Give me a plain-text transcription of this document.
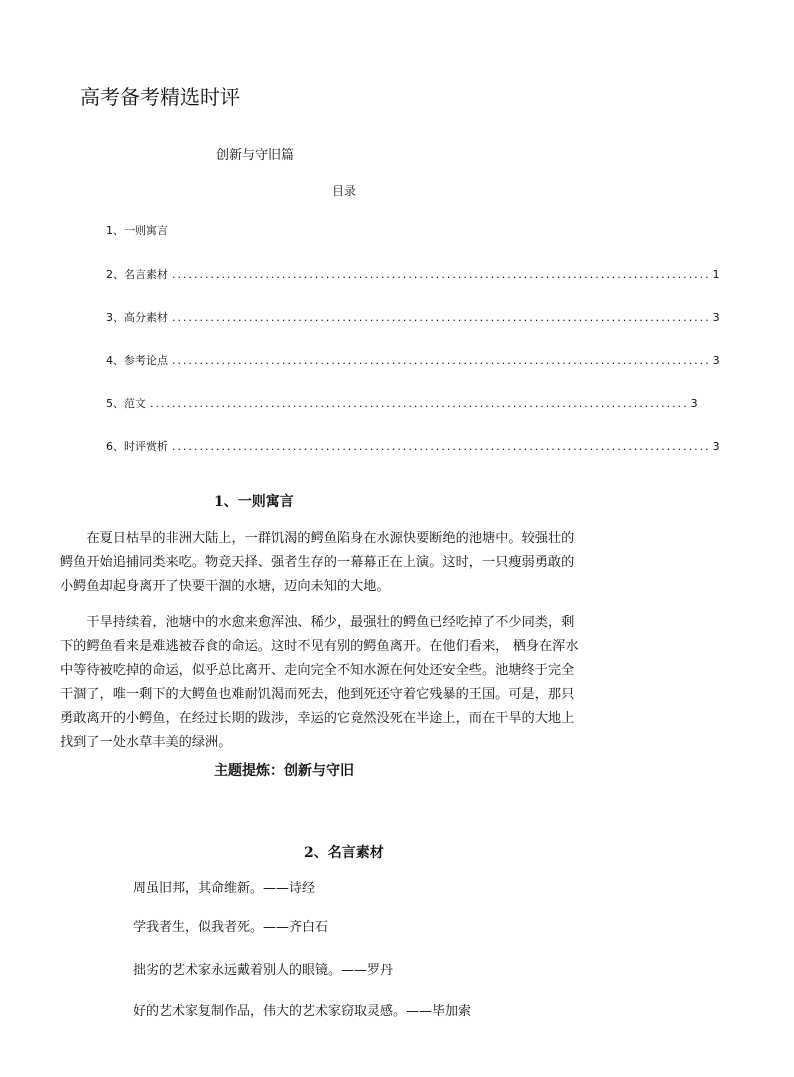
高考备考精选时评
创新与守旧篇
目录
1、一则寓言
2、名言素材 .................................................................................................. 1
3、高分素材 .................................................................................................. 3
4、参考论点 .................................................................................................. 3
5、范文 .................................................................................................. 3
6、时评赏析 .................................................................................................. 3
1、一则寓言
在夏日枯旱的非洲大陆上，一群饥渴的鳄鱼陷身在水源快要断绝的池塘中。较强壮的鳄鱼开始追捕同类来吃。物竞天择、强者生存的一幕幕正在上演。这时，一只瘦弱勇敢的小鳄鱼却起身离开了快要干涸的水塘，迈向未知的大地。
干旱持续着，池塘中的水愈来愈浑浊、稀少，最强壮的鳄鱼已经吃掉了不少同类，剩下的鳄鱼看来是难逃被吞食的命运。这时不见有别的鳄鱼离开。在他们看来， 栖身在浑水中等待被吃掉的命运，似乎总比离开、走向完全不知水源在何处还安全些。池塘终于完全干涸了，唯一剩下的大鳄鱼也难耐饥渴而死去，他到死还守着它残暴的王国。可是，那只勇敢离开的小鳄鱼，在经过长期的跋涉，幸运的它竟然没死在半途上，而在干旱的大地上找到了一处水草丰美的绿洲。
主题提炼：创新与守旧
2、名言素材
周虽旧邦，其命维新。——诗经
学我者生，似我者死。——齐白石
拙劣的艺术家永远戴着别人的眼镜。——罗丹
好的艺术家复制作品，伟大的艺术家窃取灵感。——毕加索
